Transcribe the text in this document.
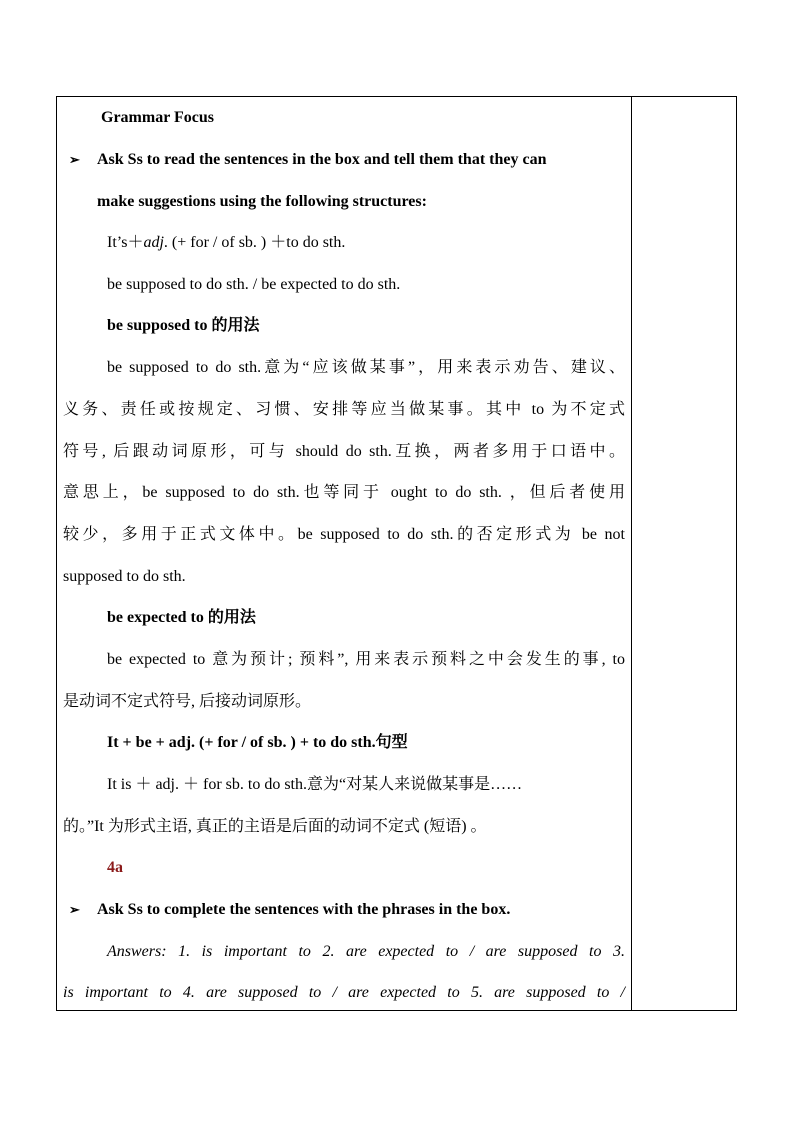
Grammar Focus
➢ Ask Ss to read the sentences in the box and tell them that they can
make suggestions using the following structures:
It’s＋adj. (+ for / of sb. ) ＋to do sth.
be supposed to do sth. / be expected to do sth.
be supposed to 的用法
be supposed to do sth.意为“应该做某事”，用来表示劝告、建议、
义务、责任或按规定、习惯、安排等应当做某事。其中 to 为不定式
符号, 后跟动词原形，可与 should do sth.互换，两者多用于口语中。
意思上，be supposed to do sth.也等同于 ought to do sth. ，但后者使用
较少，多用于正式文体中。be supposed to do sth.的否定形式为 be not
supposed to do sth.
be expected to 的用法
be expected to 意为预计; 预料”, 用来表示预料之中会发生的事, to
是动词不定式符号, 后接动词原形。
It + be + adj. (+ for / of sb. ) + to do sth.句型
It is ＋ adj. ＋ for sb. to do sth.意为“对某人来说做某事是……
的。”It 为形式主语, 真正的主语是后面的动词不定式 (短语) 。
4a
➢ Ask Ss to complete the sentences with the phrases in the box.
Answers: 1. is important to 2. are expected to / are supposed to 3.
is important to 4. are supposed to / are expected to 5. are supposed to /
